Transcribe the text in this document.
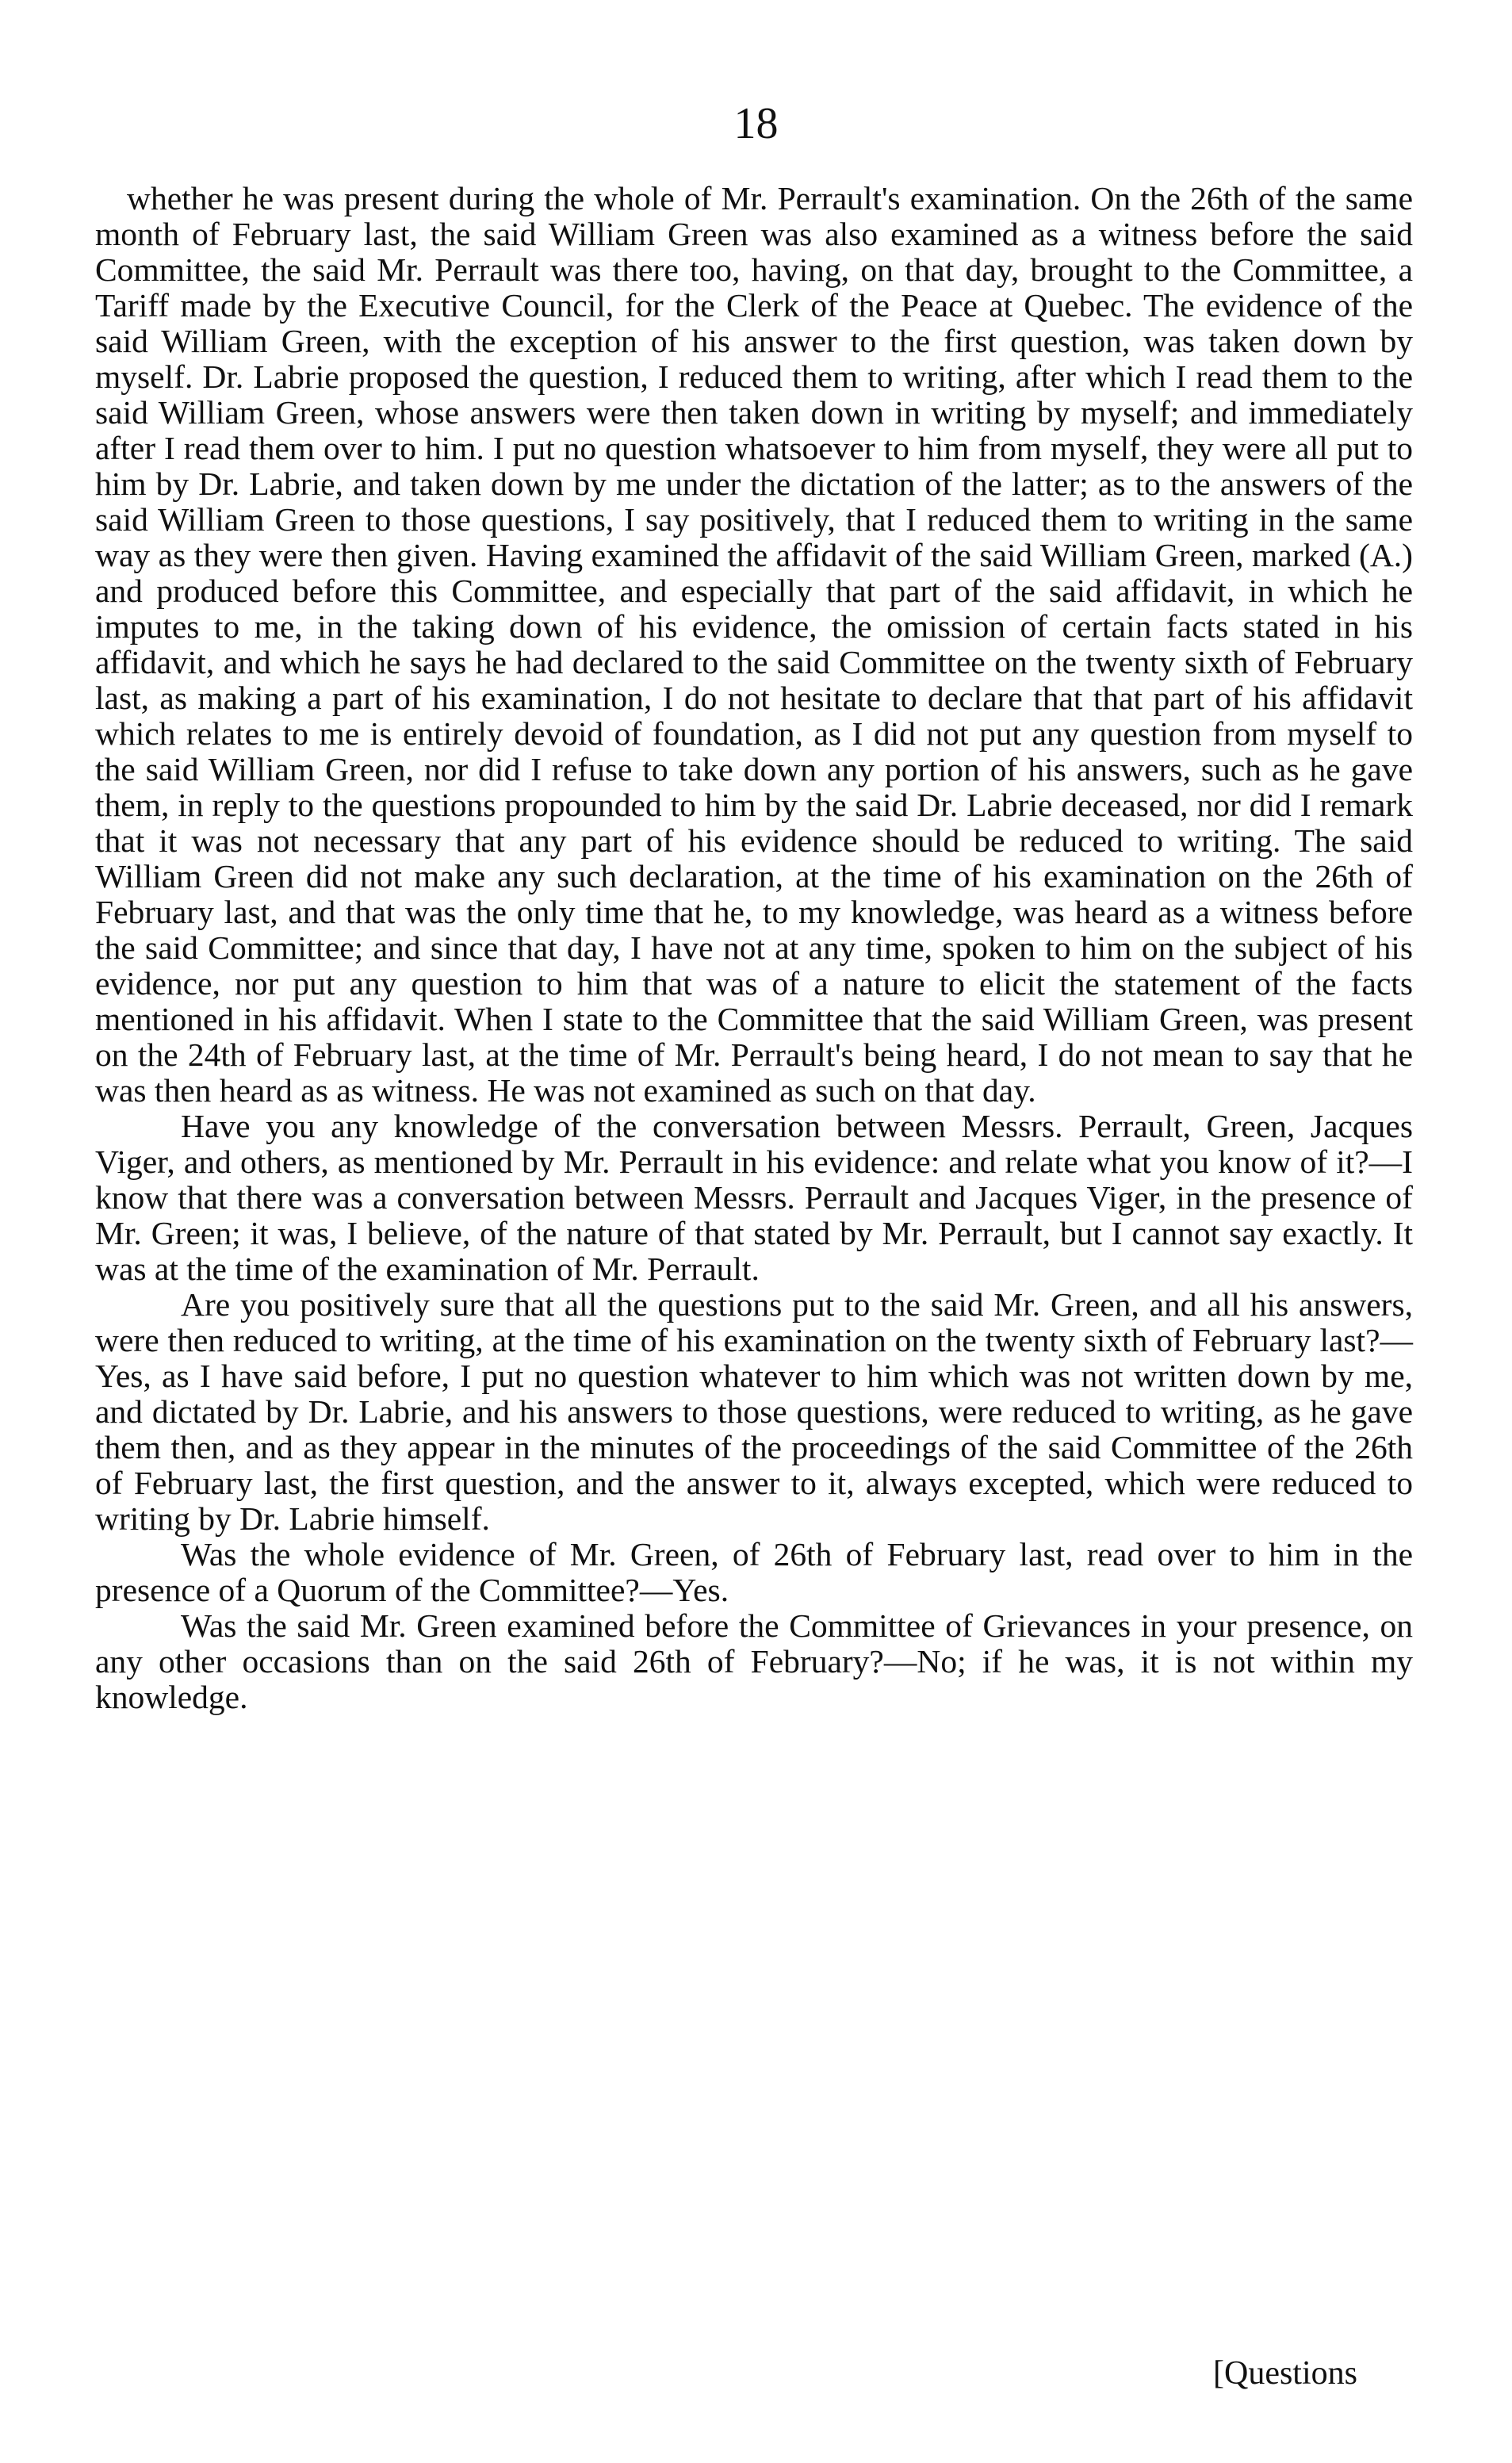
18

whether he was present during the whole of Mr. Perrault's examination. On the 26th of the same month of February last, the said William Green was also examined as a witness before the said Committee, the said Mr. Perrault was there too, having, on that day, brought to the Committee, a Tariff made by the Executive Council, for the Clerk of the Peace at Quebec. The evidence of the said William Green, with the exception of his answer to the first question, was taken down by myself. Dr. Labrie proposed the question, I reduced them to writing, after which I read them to the said William Green, whose answers were then taken down in writing by myself; and immediately after I read them over to him. I put no question whatsoever to him from myself, they were all put to him by Dr. Labrie, and taken down by me under the dictation of the latter; as to the answers of the said William Green to those questions, I say positively, that I reduced them to writing in the same way as they were then given. Having examined the affidavit of the said William Green, marked (A.) and produced before this Committee, and especially that part of the said affidavit, in which he imputes to me, in the taking down of his evidence, the omission of certain facts stated in his affidavit, and which he says he had declared to the said Committee on the twenty sixth of February last, as making a part of his examination, I do not hesitate to declare that that part of his affidavit which relates to me is entirely devoid of foundation, as I did not put any question from myself to the said William Green, nor did I refuse to take down any portion of his answers, such as he gave them, in reply to the questions propounded to him by the said Dr. Labrie deceased, nor did I remark that it was not necessary that any part of his evidence should be reduced to writing. The said William Green did not make any such declaration, at the time of his examination on the 26th of February last, and that was the only time that he, to my knowledge, was heard as a witness before the said Committee; and since that day, I have not at any time, spoken to him on the subject of his evidence, nor put any question to him that was of a nature to elicit the statement of the facts mentioned in his affidavit. When I state to the Committee that the said William Green, was present on the 24th of February last, at the time of Mr. Perrault's being heard, I do not mean to say that he was then heard as as witness. He was not examined as such on that day.

Have you any knowledge of the conversation between Messrs. Perrault, Green, Jacques Viger, and others, as mentioned by Mr. Perrault in his evidence: and relate what you know of it?—I know that there was a conversation between Messrs. Perrault and Jacques Viger, in the presence of Mr. Green; it was, I believe, of the nature of that stated by Mr. Perrault, but I cannot say exactly. It was at the time of the examination of Mr. Perrault.

Are you positively sure that all the questions put to the said Mr. Green, and all his answers, were then reduced to writing, at the time of his examination on the twenty sixth of February last?—Yes, as I have said before, I put no question whatever to him which was not written down by me, and dictated by Dr. Labrie, and his answers to those questions, were reduced to writing, as he gave them then, and as they appear in the minutes of the proceedings of the said Committee of the 26th of February last, the first question, and the answer to it, always excepted, which were reduced to writing by Dr. Labrie himself.

Was the whole evidence of Mr. Green, of 26th of February last, read over to him in the presence of a Quorum of the Committee?—Yes.

Was the said Mr. Green examined before the Committee of Grievances in your presence, on any other occasions than on the said 26th of February?—No; if he was, it is not within my knowledge.

[Questions
